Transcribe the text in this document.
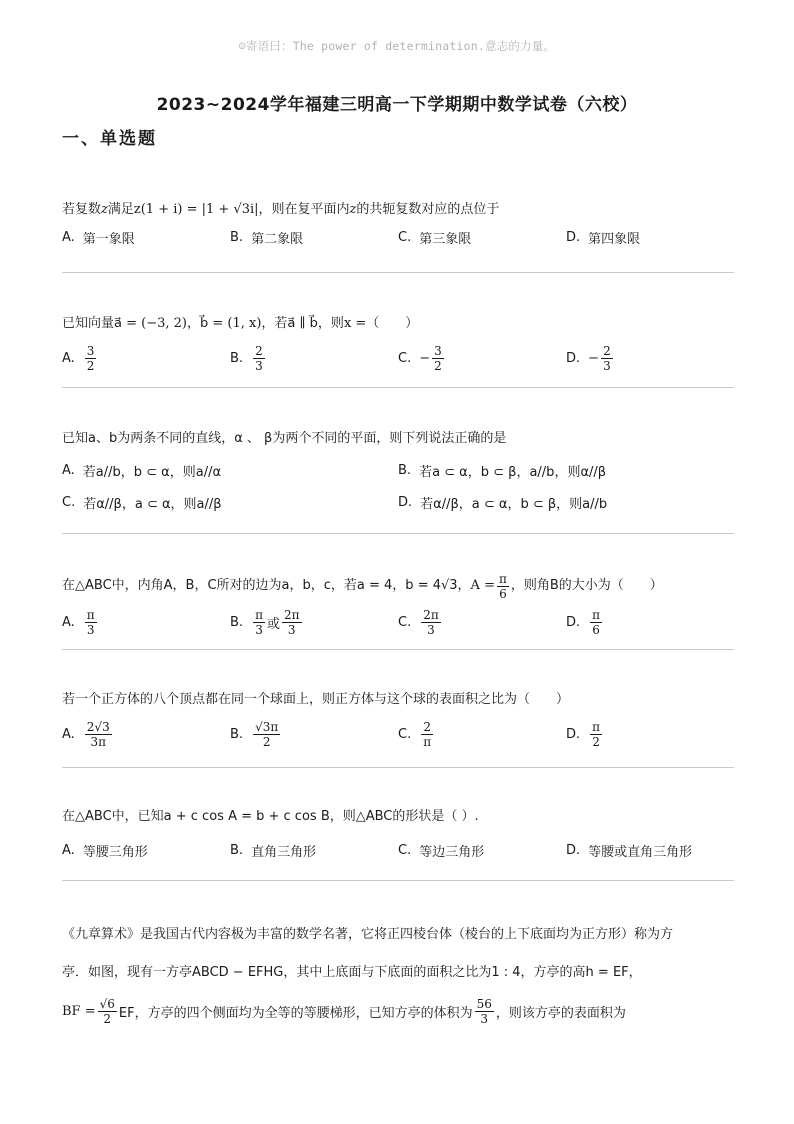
☺寄语曰：The power of determination.意志的力量。
2023~2024学年福建三明高一下学期期中数学试卷（六校）
一、单选题
若复数z满足z(1 + i) = |1 + √3i|，则在复平面内z的共轭复数对应的点位于
A. 第一象限	B. 第二象限	C. 第三象限	D. 第四象限
已知向量a⃗ = (−3, 2)，b⃗ = (1, x)，若a⃗ ∥ b⃗，则x =（　　）
A. $\frac{3}{2}$	B. $\frac{2}{3}$	C. − $\frac{3}{2}$	D. − $\frac{2}{3}$
已知a、b为两条不同的直线，α 、 β为两个不同的平面，则下列说法正确的是
A. 若a//b，b ⊂ α，则a//α	B. 若a ⊂ α，b ⊂ β，a//b，则α//β
C. 若α//β，a ⊂ α，则a//β	D. 若α//β，a ⊂ α，b ⊂ β，则a//b
在△ABC中，内角A，B，C所对的边为a，b，c，若a = 4，b = 4√3， $A = \frac{\pi}{6}$ ，则角B的大小为（　　）
A. $\frac{\pi}{3}$	B. $\frac{\pi}{3}$ 或 $\frac{2\pi}{3}$	C. $\frac{2\pi}{3}$	D. $\frac{\pi}{6}$
若一个正方体的八个顶点都在同一个球面上，则正方体与这个球的表面积之比为（　　）
A. $\frac{2√3}{3\pi}$	B. $\frac{√3\pi}{2}$	C. $\frac{2}{\pi}$	D. $\frac{\pi}{2}$
在△ABC中，已知a + c cos A = b + c cos B，则△ABC的形状是（ ）.
A. 等腰三角形	B. 直角三角形	C. 等边三角形	D. 等腰或直角三角形
《九章算术》是我国古代内容极为丰富的数学名著，它将正四棱台体（棱台的上下底面均为正方形）称为方
亭．如图，现有一方亭ABCD − EFHG，其中上底面与下底面的面积之比为1 : 4，方亭的高h = EF，
BF = $\frac{√6}{2}$ EF，方亭的四个侧面均为全等的等腰梯形，已知方亭的体积为 $\frac{56}{3}$ ，则该方亭的表面积为
